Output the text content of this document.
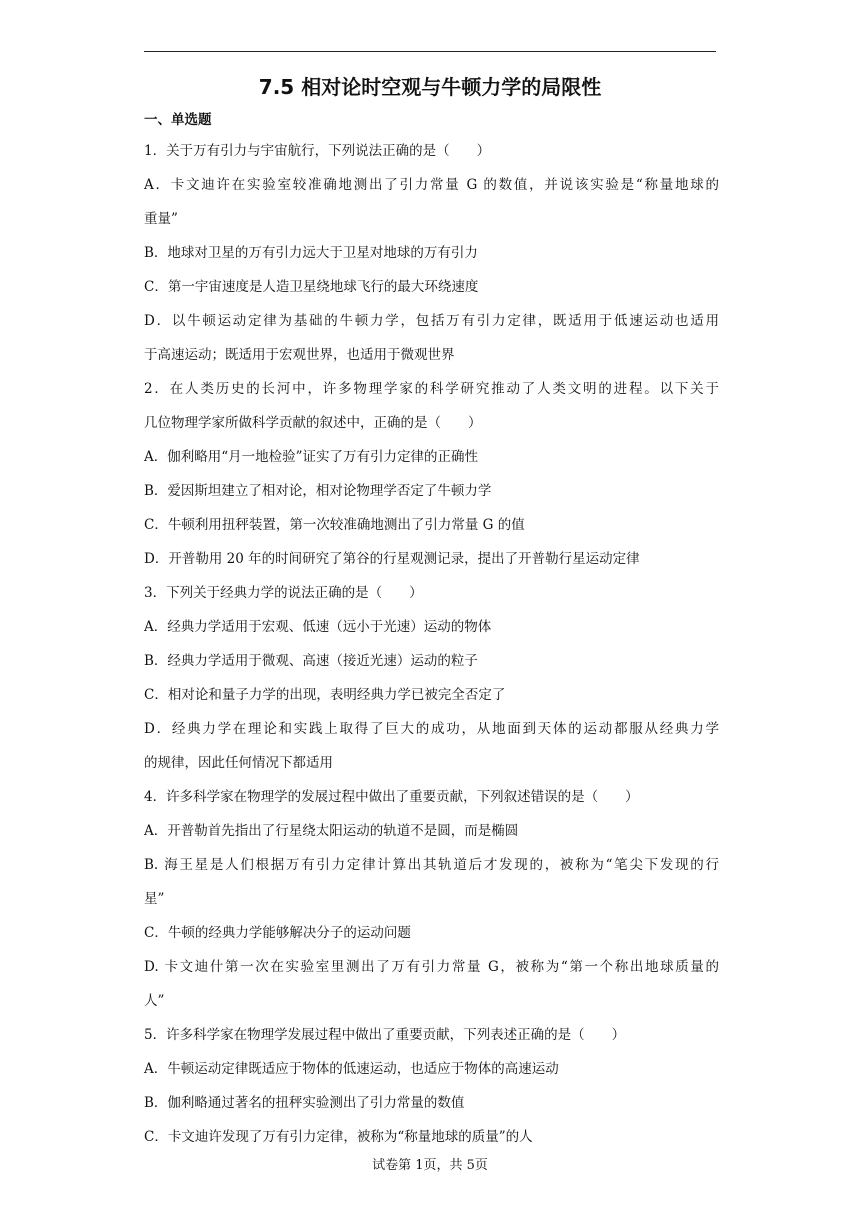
7.5 相对论时空观与牛顿力学的局限性
一、单选题
1．关于万有引力与宇宙航行，下列说法正确的是（　　）
A．卡文迪许在实验室较准确地测出了引力常量 G 的数值，并说该实验是“称量地球的
重量”
B．地球对卫星的万有引力远大于卫星对地球的万有引力
C．第一宇宙速度是人造卫星绕地球飞行的最大环绕速度
D．以牛顿运动定律为基础的牛顿力学，包括万有引力定律，既适用于低速运动也适用
于高速运动；既适用于宏观世界，也适用于微观世界
2．在人类历史的长河中，许多物理学家的科学研究推动了人类文明的进程。以下关于
几位物理学家所做科学贡献的叙述中，正确的是（　　）
A．伽利略用“月一地检验”证实了万有引力定律的正确性
B．爱因斯坦建立了相对论，相对论物理学否定了牛顿力学
C．牛顿利用扭秤装置，第一次较准确地测出了引力常量 G 的值
D．开普勒用 20 年的时间研究了第谷的行星观测记录，提出了开普勒行星运动定律
3．下列关于经典力学的说法正确的是（　　）
A．经典力学适用于宏观、低速（远小于光速）运动的物体
B．经典力学适用于微观、高速（接近光速）运动的粒子
C．相对论和量子力学的出现，表明经典力学已被完全否定了
D．经典力学在理论和实践上取得了巨大的成功，从地面到天体的运动都服从经典力学
的规律，因此任何情况下都适用
4．许多科学家在物理学的发展过程中做出了重要贡献，下列叙述错误的是（　　）
A．开普勒首先指出了行星绕太阳运动的轨道不是圆，而是椭圆
B. 海王星是人们根据万有引力定律计算出其轨道后才发现的，被称为“笔尖下发现的行
星”
C．牛顿的经典力学能够解决分子的运动问题
D. 卡文迪什第一次在实验室里测出了万有引力常量 G，被称为“第一个称出地球质量的
人”
5．许多科学家在物理学发展过程中做出了重要贡献，下列表述正确的是（　　）
A．牛顿运动定律既适应于物体的低速运动，也适应于物体的高速运动
B．伽利略通过著名的扭秤实验测出了引力常量的数值
C．卡文迪许发现了万有引力定律，被称为“称量地球的质量”的人
试卷第 1页，共 5页
